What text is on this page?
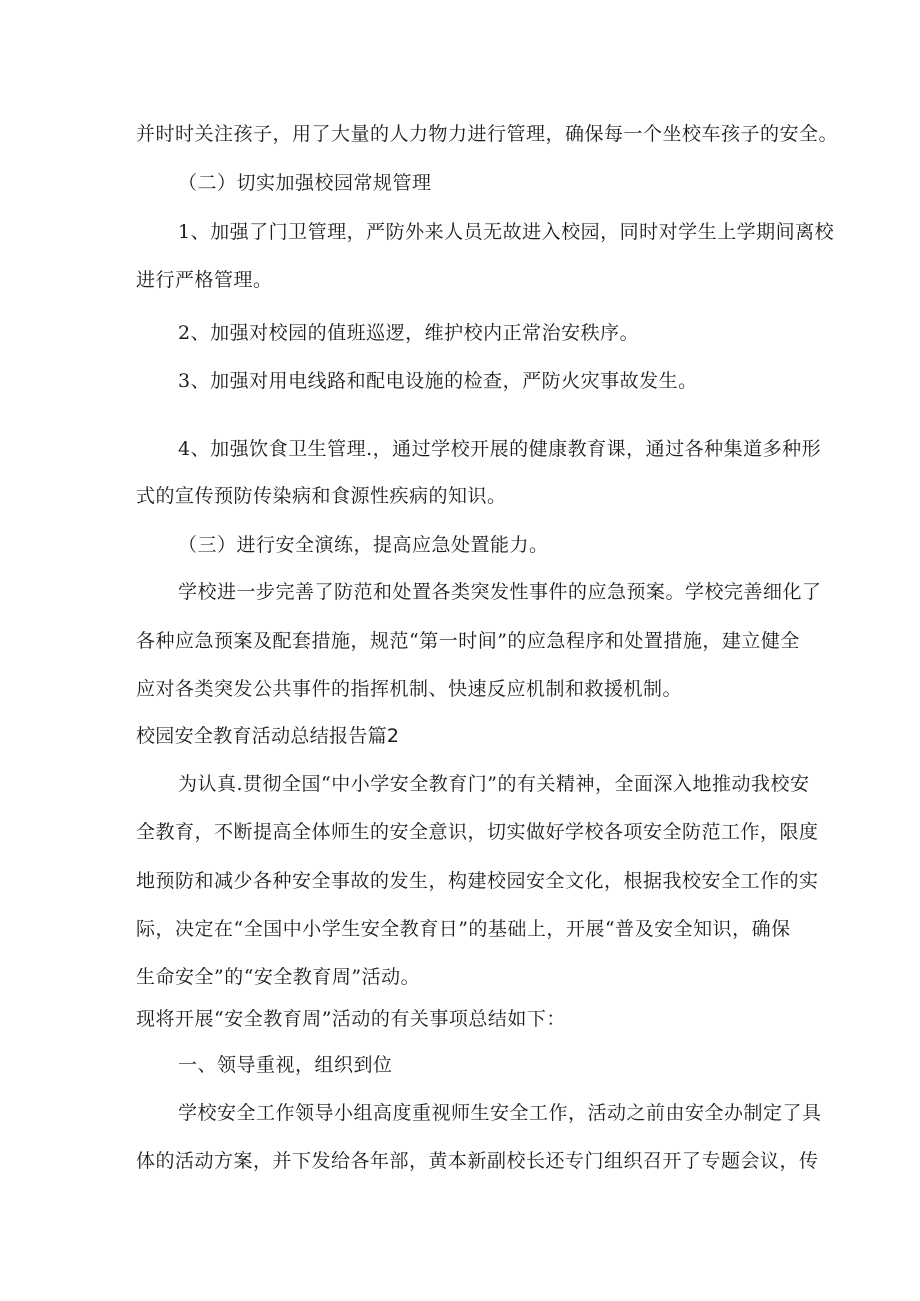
并时时关注孩子，用了大量的人力物力进行管理，确保每一个坐校车孩子的安全。
（二）切实加强校园常规管理
1、加强了门卫管理，严防外来人员无故进入校园，同时对学生上学期间离校
进行严格管理。
2、加强对校园的值班巡逻，维护校内正常治安秩序。
3、加强对用电线路和配电设施的检查，严防火灾事故发生。
4、加强饮食卫生管理.，通过学校开展的健康教育课，通过各种集道多种形
式的宣传预防传染病和食源性疾病的知识。
（三）进行安全演练，提高应急处置能力。
学校进一步完善了防范和处置各类突发性事件的应急预案。学校完善细化了
各种应急预案及配套措施，规范“第一时间”的应急程序和处置措施，建立健全
应对各类突发公共事件的指挥机制、快速反应机制和救援机制。
校园安全教育活动总结报告篇2
为认真.贯彻全国“中小学安全教育门”的有关精神，全面深入地推动我校安
全教育，不断提高全体师生的安全意识，切实做好学校各项安全防范工作，限度
地预防和减少各种安全事故的发生，构建校园安全文化，根据我校安全工作的实
际，决定在“全国中小学生安全教育日”的基础上，开展“普及安全知识，确保
生命安全”的“安全教育周”活动。
现将开展“安全教育周”活动的有关事项总结如下：
一、领导重视，组织到位
学校安全工作领导小组高度重视师生安全工作，活动之前由安全办制定了具
体的活动方案，并下发给各年部，黄本新副校长还专门组织召开了专题会议，传
